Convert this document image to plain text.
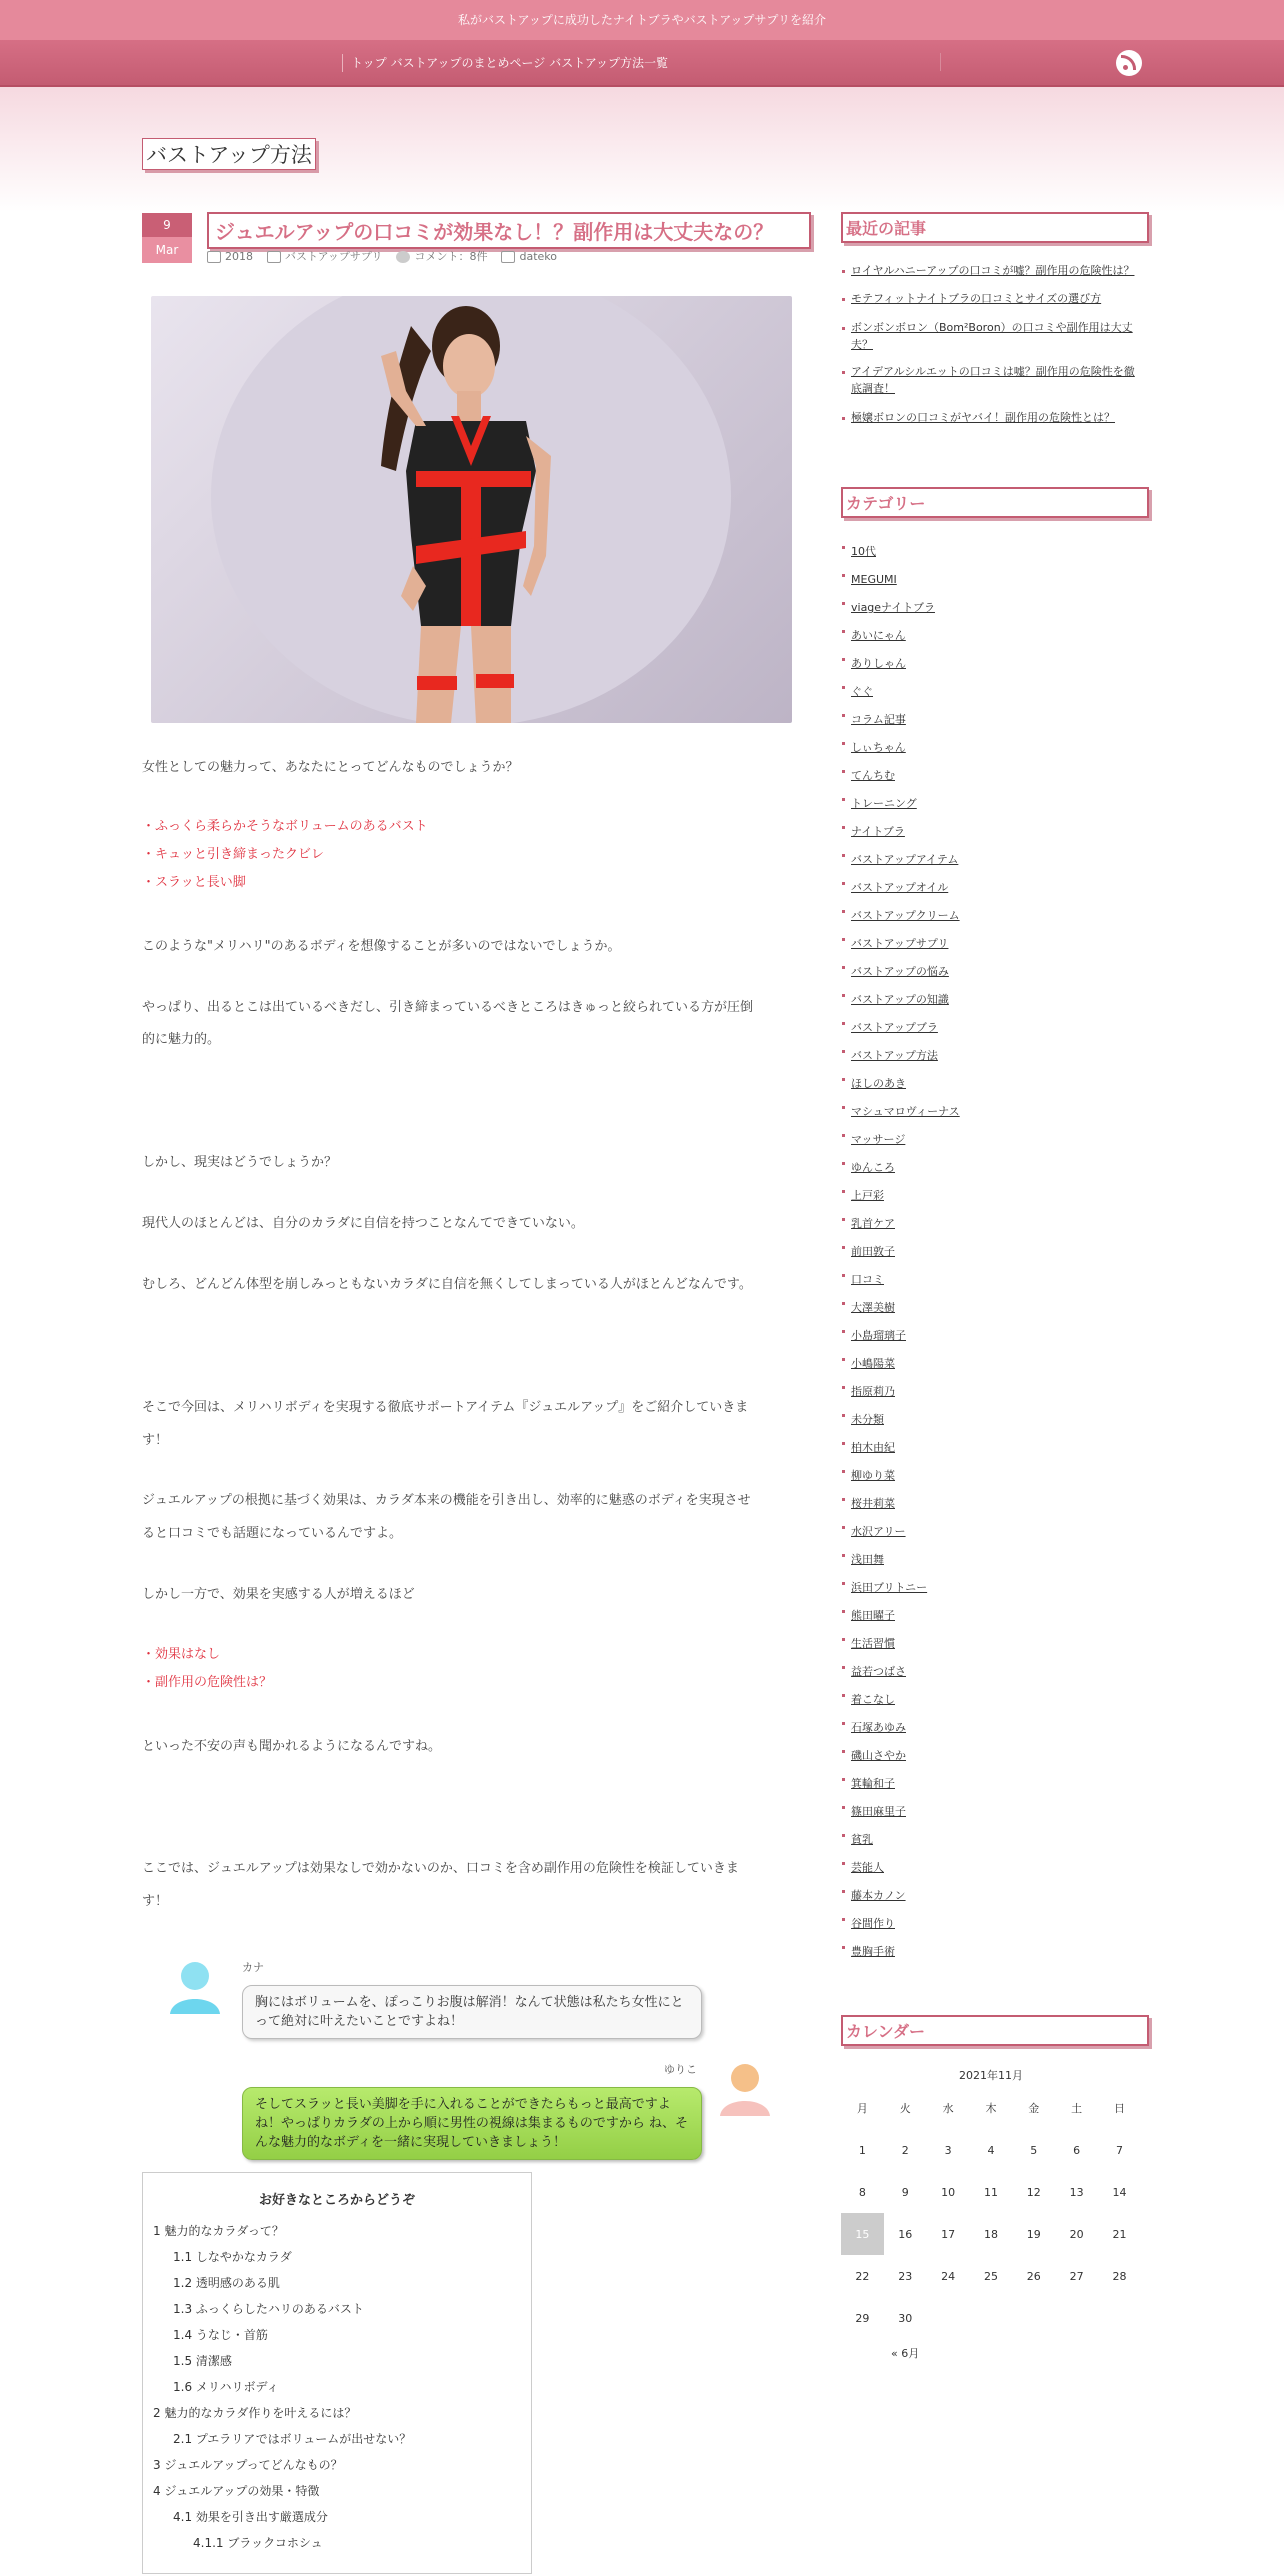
私がバストアップに成功したナイトブラやバストアップサプリを紹介
トップ バストアップのまとめページ バストアップ方法一覧
バストアップ方法
9
Mar
ジュエルアップの口コミが効果なし！？副作用は大丈夫なの？
2018	バストアップサプリ	コメント：8件	dateko
女性としての魅力って、あなたにとってどんなものでしょうか？
・ふっくら柔らかそうなボリュームのあるバスト
・キュッと引き締まったクビレ
・スラッと長い脚
このような"メリハリ"のあるボディを想像することが多いのではないでしょうか。
やっぱり、出るとこは出ているべきだし、引き締まっているべきところはきゅっと絞られている方が圧倒
的に魅力的。
しかし、現実はどうでしょうか？
現代人のほとんどは、自分のカラダに自信を持つことなんてできていない。
むしろ、どんどん体型を崩しみっともないカラダに自信を無くしてしまっている人がほとんどなんです。
そこで今回は、メリハリボディを実現する徹底サポートアイテム『ジュエルアップ』をご紹介していきま
す！
ジュエルアップの根拠に基づく効果は、カラダ本来の機能を引き出し、効率的に魅惑のボディを実現させ
ると口コミでも話題になっているんですよ。
しかし一方で、効果を実感する人が増えるほど
・効果はなし
・副作用の危険性は？
といった不安の声も聞かれるようになるんですね。
ここでは、ジュエルアップは効果なしで効かないのか、口コミを含め副作用の危険性を検証していきま
す！
カナ
胸にはボリュームを、ぽっこりお腹は解消！なんて状態は私たち女性にとって絶対に叶えたいことですよね！
ゆりこ
そしてスラッと長い美脚を手に入れることができたらもっと最高ですよね！やっぱりカラダの上から順に男性の視線は集まるものですから ね、そんな魅力的なボディを一緒に実現していきましょう！
お好きなところからどうぞ
1 魅力的なカラダって？
1.1 しなやかなカラダ
1.2 透明感のある肌
1.3 ふっくらしたハリのあるバスト
1.4 うなじ・首筋
1.5 清潔感
1.6 メリハリボディ
2 魅力的なカラダ作りを叶えるには？
2.1 プエラリアではボリュームが出せない？
3 ジュエルアップってどんなもの？
4 ジュエルアップの効果・特徴
4.1 効果を引き出す厳選成分
4.1.1 ブラックコホシュ
最近の記事
ロイヤルハニーアップの口コミが嘘？副作用の危険性は？
モテフィットナイトブラの口コミとサイズの選び方
ボンボンボロン（Bom²Boron）の口コミや副作用は大丈夫？
アイデアルシルエットの口コミは嘘？副作用の危険性を徹底調査！
極嬢ボロンの口コミがヤバイ！副作用の危険性とは？
カテゴリー
10代
MEGUMI
viageナイトブラ
あいにゃん
ありしゃん
ぐぐ
コラム記事
しぃちゃん
てんちむ
トレーニング
ナイトブラ
バストアップアイテム
バストアップオイル
バストアップクリーム
バストアップサプリ
バストアップの悩み
バストアップの知識
バストアップブラ
バストアップ方法
ほしのあき
マシュマロヴィーナス
マッサージ
ゆんころ
上戸彩
乳首ケア
前田敦子
口コミ
大澤美樹
小島瑠璃子
小嶋陽菜
指原莉乃
未分類
柏木由紀
柳ゆり菜
桜井莉菜
水沢アリー
浅田舞
浜田ブリトニー
熊田曜子
生活習慣
益若つばさ
着こなし
石塚あゆみ
磯山さやか
箕輪和子
篠田麻里子
貧乳
芸能人
藤本カノン
谷間作り
豊胸手術
カレンダー
2021年11月
月	火	水	木	金	土	日
1	2	3	4	5	6	7
8	9	10	11	12	13	14
15	16	17	18	19	20	21
22	23	24	25	26	27	28
29	30					
« 6月
